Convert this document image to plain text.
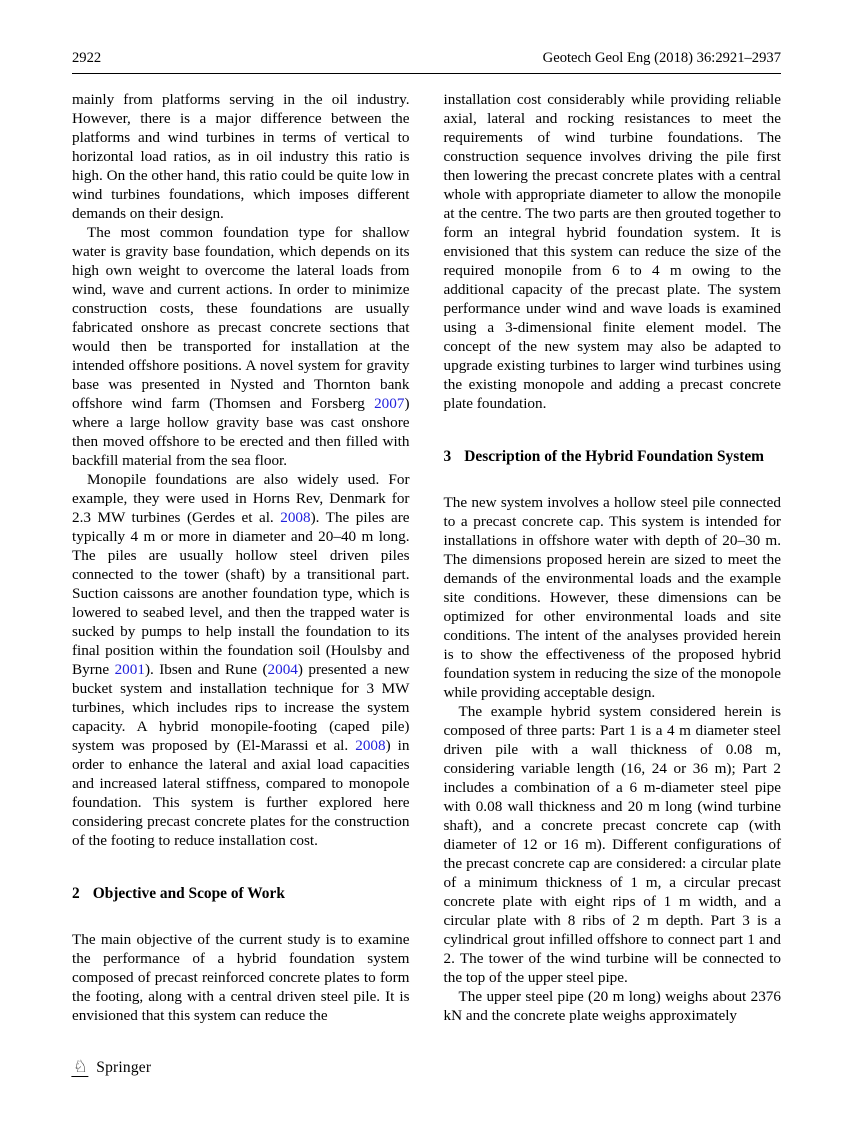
2922	Geotech Geol Eng (2018) 36:2921–2937

mainly from platforms serving in the oil industry. However, there is a major difference between the platforms and wind turbines in terms of vertical to horizontal load ratios, as in oil industry this ratio is high. On the other hand, this ratio could be quite low in wind turbines foundations, which imposes different demands on their design.

The most common foundation type for shallow water is gravity base foundation, which depends on its high own weight to overcome the lateral loads from wind, wave and current actions. In order to minimize construction costs, these foundations are usually fabricated onshore as precast concrete sections that would then be transported for installation at the intended offshore positions. A novel system for gravity base was presented in Nysted and Thornton bank offshore wind farm (Thomsen and Forsberg 2007) where a large hollow gravity base was cast onshore then moved offshore to be erected and then filled with backfill material from the sea floor.

Monopile foundations are also widely used. For example, they were used in Horns Rev, Denmark for 2.3 MW turbines (Gerdes et al. 2008). The piles are typically 4 m or more in diameter and 20–40 m long. The piles are usually hollow steel driven piles connected to the tower (shaft) by a transitional part. Suction caissons are another foundation type, which is lowered to seabed level, and then the trapped water is sucked by pumps to help install the foundation to its final position within the foundation soil (Houlsby and Byrne 2001). Ibsen and Rune (2004) presented a new bucket system and installation technique for 3 MW turbines, which includes rips to increase the system capacity. A hybrid monopile-footing (caped pile) system was proposed by (El-Marassi et al. 2008) in order to enhance the lateral and axial load capacities and increased lateral stiffness, compared to monopole foundation. This system is further explored here considering precast concrete plates for the construction of the footing to reduce installation cost.

2 Objective and Scope of Work

The main objective of the current study is to examine the performance of a hybrid foundation system composed of precast reinforced concrete plates to form the footing, along with a central driven steel pile. It is envisioned that this system can reduce the

installation cost considerably while providing reliable axial, lateral and rocking resistances to meet the requirements of wind turbine foundations. The construction sequence involves driving the pile first then lowering the precast concrete plates with a central whole with appropriate diameter to allow the monopile at the centre. The two parts are then grouted together to form an integral hybrid foundation system. It is envisioned that this system can reduce the size of the required monopile from 6 to 4 m owing to the additional capacity of the precast plate. The system performance under wind and wave loads is examined using a 3-dimensional finite element model. The concept of the new system may also be adapted to upgrade existing turbines to larger wind turbines using the existing monopole and adding a precast concrete plate foundation.

3 Description of the Hybrid Foundation System

The new system involves a hollow steel pile connected to a precast concrete cap. This system is intended for installations in offshore water with depth of 20–30 m. The dimensions proposed herein are sized to meet the demands of the environmental loads and the example site conditions. However, these dimensions can be optimized for other environmental loads and site conditions. The intent of the analyses provided herein is to show the effectiveness of the proposed hybrid foundation system in reducing the size of the monopole while providing acceptable design.

The example hybrid system considered herein is composed of three parts: Part 1 is a 4 m diameter steel driven pile with a wall thickness of 0.08 m, considering variable length (16, 24 or 36 m); Part 2 includes a combination of a 6 m-diameter steel pipe with 0.08 wall thickness and 20 m long (wind turbine shaft), and a concrete precast concrete cap (with diameter of 12 or 16 m). Different configurations of the precast concrete cap are considered: a circular plate of a minimum thickness of 1 m, a circular precast concrete plate with eight rips of 1 m width, and a circular plate with 8 ribs of 2 m depth. Part 3 is a cylindrical grout infilled offshore to connect part 1 and 2. The tower of the wind turbine will be connected to the top of the upper steel pipe.

The upper steel pipe (20 m long) weighs about 2376 kN and the concrete plate weighs approximately

♘ Springer
